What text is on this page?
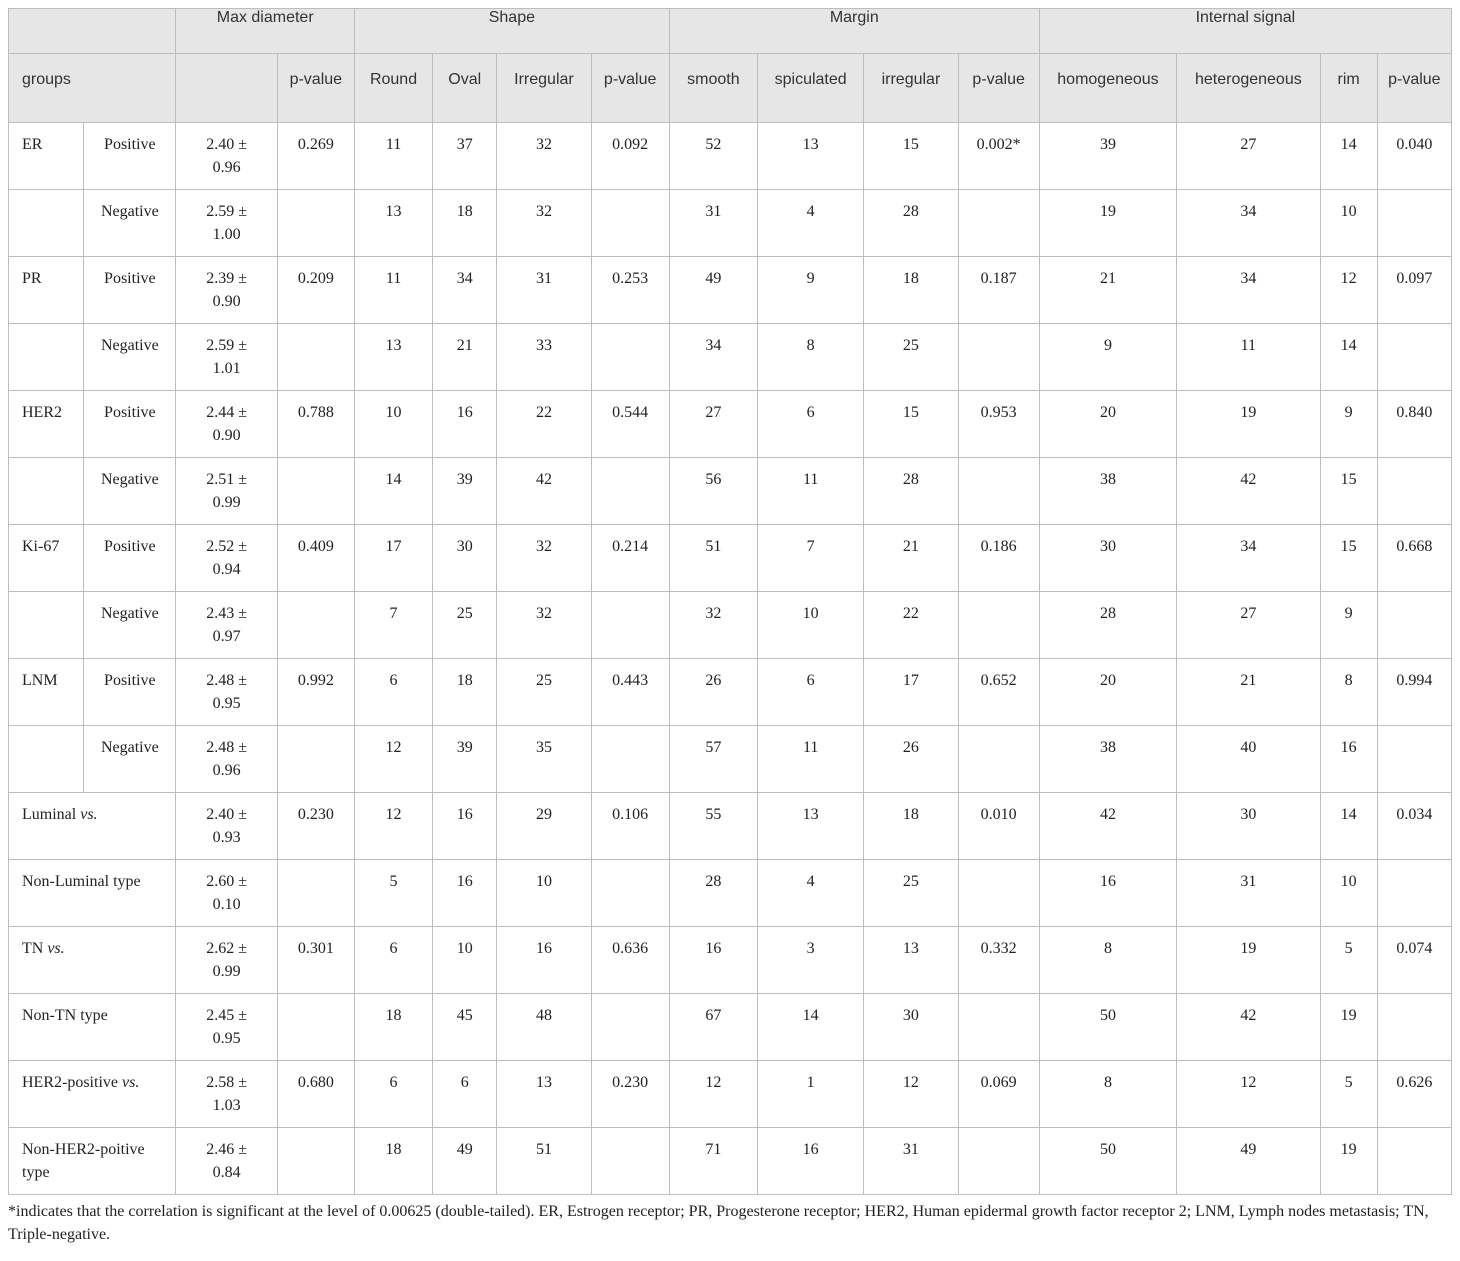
		Max diameter		Shape				Margin				Internal signal			

groups			p-value	Round	Oval	Irregular	p-value	smooth	spiculated	irregular	p-value	homogeneous	heterogeneous	rim	p-value

ER	Positive	2.40 ±
0.96	0.269	11	37	32	0.092	52	13	15	0.002*	39	27	14	0.040

	Negative	2.59 ±
1.00		13	18	32		31	4	28		19	34	10	

PR	Positive	2.39 ±
0.90	0.209	11	34	31	0.253	49	9	18	0.187	21	34	12	0.097

	Negative	2.59 ±
1.01		13	21	33		34	8	25		9	11	14	

HER2	Positive	2.44 ±
0.90	0.788	10	16	22	0.544	27	6	15	0.953	20	19	9	0.840

	Negative	2.51 ±
0.99		14	39	42		56	11	28		38	42	15	

Ki-67	Positive	2.52 ±
0.94	0.409	17	30	32	0.214	51	7	21	0.186	30	34	15	0.668

	Negative	2.43 ±
0.97		7	25	32		32	10	22		28	27	9	

LNM	Positive	2.48 ±
0.95	0.992	6	18	25	0.443	26	6	17	0.652	20	21	8	0.994

	Negative	2.48 ±
0.96		12	39	35		57	11	26		38	40	16	

Luminal vs.		2.40 ±
0.93	0.230	12	16	29	0.106	55	13	18	0.010	42	30	14	0.034

Non-Luminal type		2.60 ±
0.10		5	16	10		28	4	25		16	31	10	

TN vs.		2.62 ±
0.99	0.301	6	10	16	0.636	16	3	13	0.332	8	19	5	0.074

Non-TN type		2.45 ±
0.95		18	45	48		67	14	30		50	42	19	

HER2-positive vs.		2.58 ±
1.03	0.680	6	6	13	0.230	12	1	12	0.069	8	12	5	0.626

Non-HER2-poitive type		2.46 ±
0.84		18	49	51		71	16	31		50	49	19	

*indicates that the correlation is significant at the level of 0.00625 (double-tailed). ER, Estrogen receptor; PR, Progesterone receptor; HER2, Human epidermal growth factor receptor 2; LNM, Lymph nodes metastasis; TN, Triple-negative.
